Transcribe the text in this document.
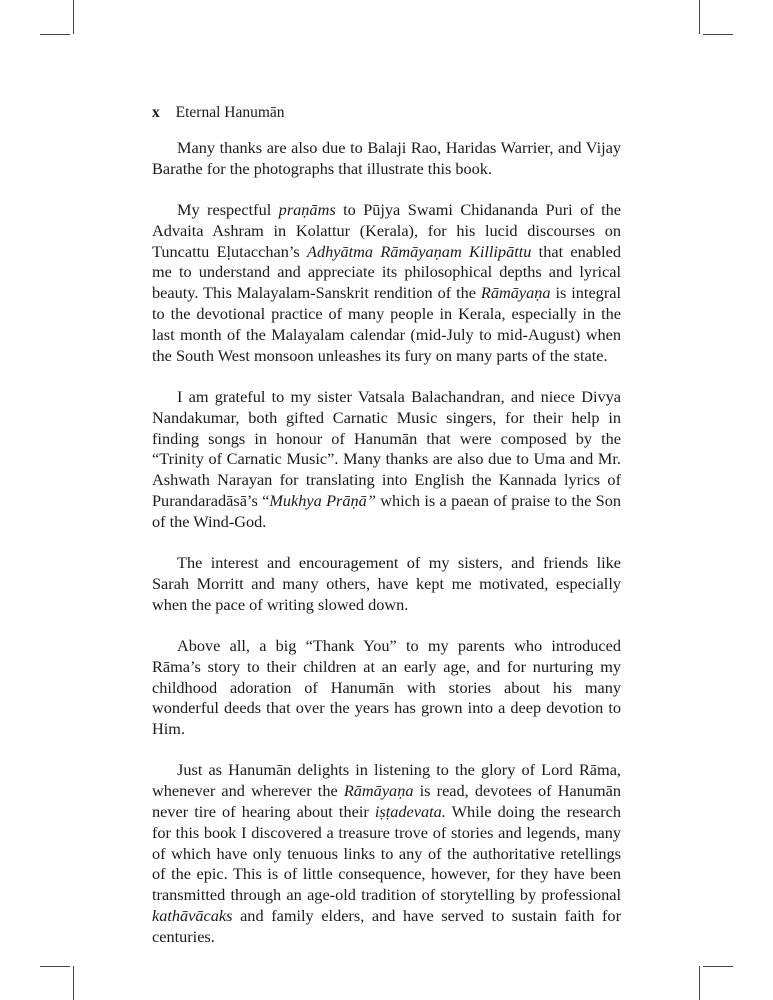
x Eternal Hanumān

Many thanks are also due to Balaji Rao, Haridas Warrier, and Vijay Barathe for the photographs that illustrate this book.

My respectful praṇāms to Pūjya Swami Chidananda Puri of the Advaita Ashram in Kolattur (Kerala), for his lucid discourses on Tuncattu Eḷutacchan’s Adhyātma Rāmāyaṇam Killipāttu that enabled me to understand and appreciate its philosophical depths and lyrical beauty. This Malayalam-Sanskrit rendition of the Rāmāyaṇa is integral to the devotional practice of many people in Kerala, especially in the last month of the Malayalam calendar (mid-July to mid-August) when the South West monsoon unleashes its fury on many parts of the state.

I am grateful to my sister Vatsala Balachandran, and niece Divya Nandakumar, both gifted Carnatic Music singers, for their help in finding songs in honour of Hanumān that were composed by the “Trinity of Carnatic Music”. Many thanks are also due to Uma and Mr. Ashwath Narayan for translating into English the Kannada lyrics of Purandaradāsā’s “Mukhya Prāṇā” which is a paean of praise to the Son of the Wind-God.

The interest and encouragement of my sisters, and friends like Sarah Morritt and many others, have kept me motivated, especially when the pace of writing slowed down.

Above all, a big “Thank You” to my parents who introduced Rāma’s story to their children at an early age, and for nurturing my childhood adoration of Hanumān with stories about his many wonderful deeds that over the years has grown into a deep devotion to Him.

Just as Hanumān delights in listening to the glory of Lord Rāma, whenever and wherever the Rāmāyaṇa is read, devotees of Hanumān never tire of hearing about their iṣṭadevata. While doing the research for this book I discovered a treasure trove of stories and legends, many of which have only tenuous links to any of the authoritative retellings of the epic. This is of little consequence, however, for they have been transmitted through an age-old tradition of storytelling by professional kathāvācaks and family elders, and have served to sustain faith for centuries.
